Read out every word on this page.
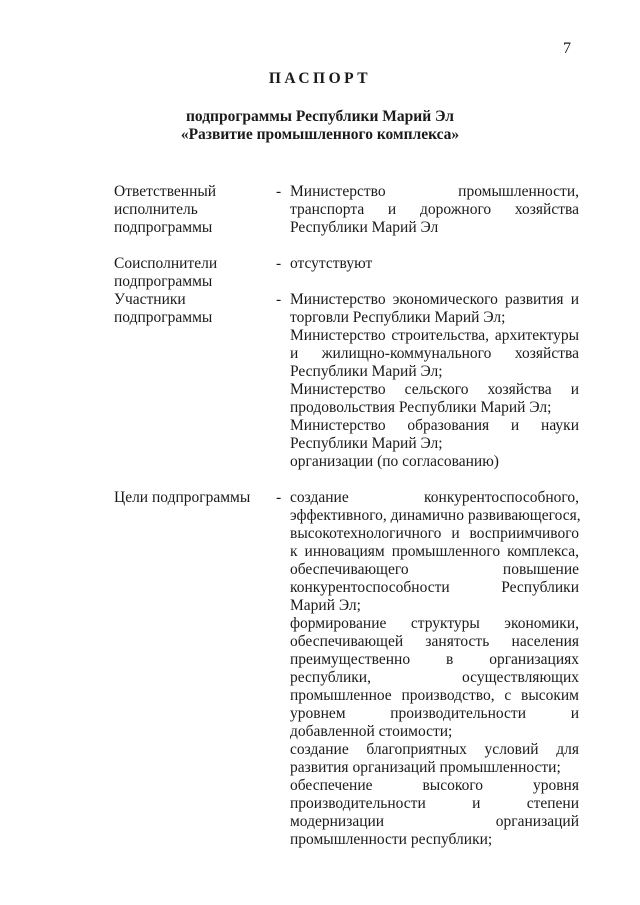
7
ПАСПОРТ
подпрограммы Республики Марий Эл
«Развитие промышленного комплекса»
Ответственный
исполнитель
подпрограммы
- Министерство промышленности,
транспорта и дорожного хозяйства
Республики Марий Эл
Соисполнители
подпрограммы
- отсутствуют
Участники
подпрограммы
- Министерство экономического развития и
торговли Республики Марий Эл;
Министерство строительства, архитектуры
и жилищно-коммунального хозяйства
Республики Марий Эл;
Министерство сельского хозяйства и
продовольствия Республики Марий Эл;
Министерство образования и науки
Республики Марий Эл;
организации (по согласованию)
Цели подпрограммы	- создание конкурентоспособного,
эффективного, динамично развивающегося,
высокотехнологичного и восприимчивого
к инновациям промышленного комплекса,
обеспечивающего повышение
конкурентоспособности Республики
Марий Эл;
формирование структуры экономики,
обеспечивающей занятость населения
преимущественно в организациях
республики, осуществляющих
промышленное производство, с высоким
уровнем производительности и
добавленной стоимости;
создание благоприятных условий для
развития организаций промышленности;
обеспечение высокого уровня
производительности и степени
модернизации организаций
промышленности республики;
